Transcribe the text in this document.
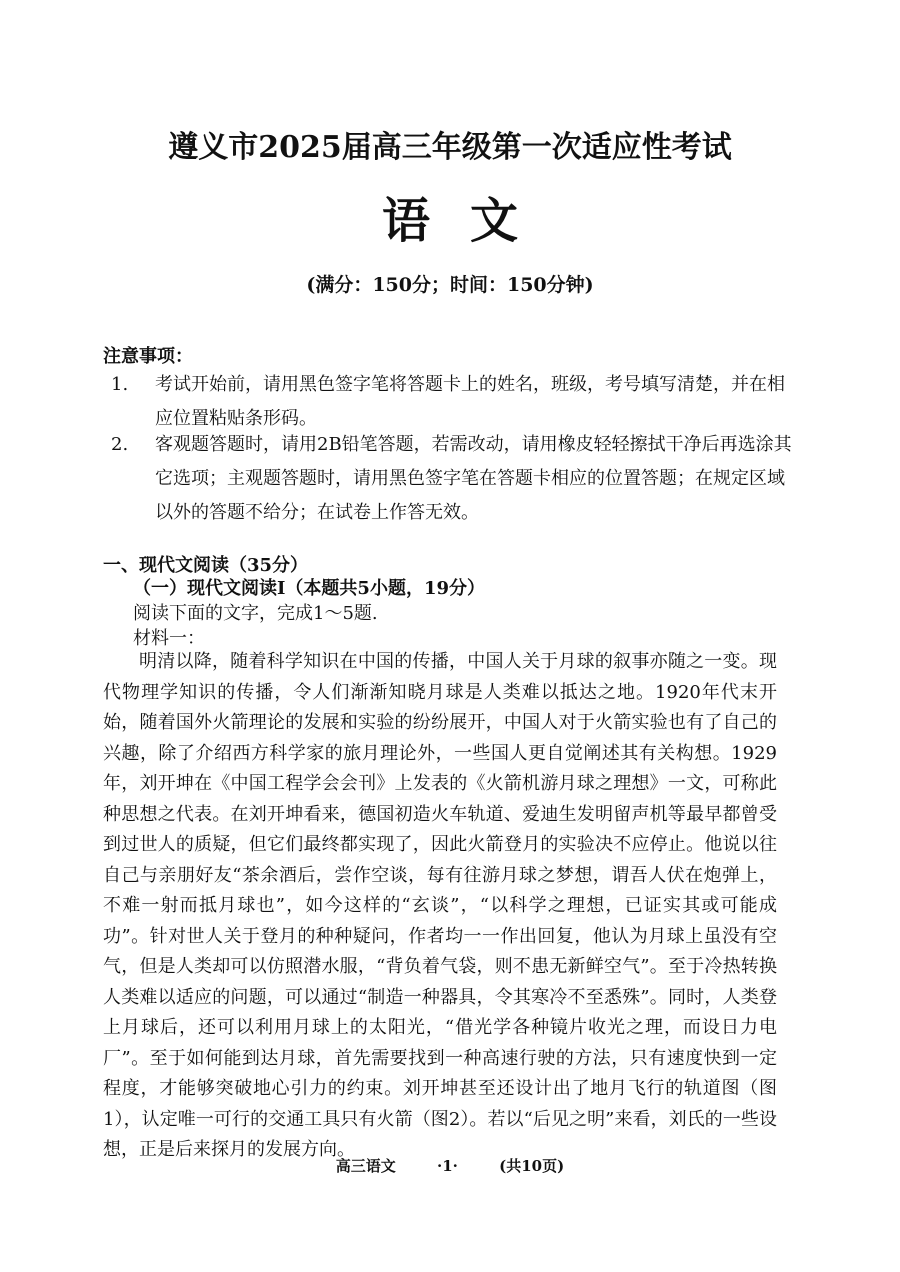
遵义市2025届高三年级第一次适应性考试
语文
(满分：150分；时间：150分钟)
注意事项：
1. 考试开始前，请用黑色签字笔将答题卡上的姓名，班级，考号填写清楚，并在相应位置粘贴条形码。
2. 客观题答题时，请用2B铅笔答题，若需改动，请用橡皮轻轻擦拭干净后再选涂其它选项；主观题答题时，请用黑色签字笔在答题卡相应的位置答题；在规定区域以外的答题不给分；在试卷上作答无效。
一、现代文阅读（35分）
（一）现代文阅读Ⅰ（本题共5小题，19分）
阅读下面的文字，完成1～5题.
材料一：

明清以降，随着科学知识在中国的传播，中国人关于月球的叙事亦随之一变。现代物理学知识的传播，令人们渐渐知晓月球是人类难以抵达之地。1920年代末开始，随着国外火箭理论的发展和实验的纷纷展开，中国人对于火箭实验也有了自己的兴趣，除了介绍西方科学家的旅月理论外，一些国人更自觉阐述其有关构想。1929年，刘开坤在《中国工程学会会刊》上发表的《火箭机游月球之理想》一文，可称此种思想之代表。在刘开坤看来，德国初造火车轨道、爱迪生发明留声机等最早都曾受到过世人的质疑，但它们最终都实现了，因此火箭登月的实验决不应停止。他说以往自己与亲朋好友“茶余酒后，尝作空谈，每有往游月球之梦想，谓吾人伏在炮弹上，不难一射而抵月球也”，如今这样的“玄谈”，“以科学之理想，已证实其或可能成功”。针对世人关于登月的种种疑问，作者均一一作出回复，他认为月球上虽没有空气，但是人类却可以仿照潜水服，“背负着气袋，则不患无新鲜空气”。至于冷热转换人类难以适应的问题，可以通过“制造一种器具，令其寒冷不至悉殊”。同时，人类登上月球后，还可以利用月球上的太阳光，“借光学各种镜片收光之理，而设日力电厂”。至于如何能到达月球，首先需要找到一种高速行驶的方法，只有速度快到一定程度，才能够突破地心引力的约束。刘开坤甚至还设计出了地月飞行的轨道图（图1），认定唯一可行的交通工具只有火箭（图2）。若以“后见之明”来看，刘氏的一些设想，正是后来探月的发展方向。

高三语文	·1·	(共10页)
